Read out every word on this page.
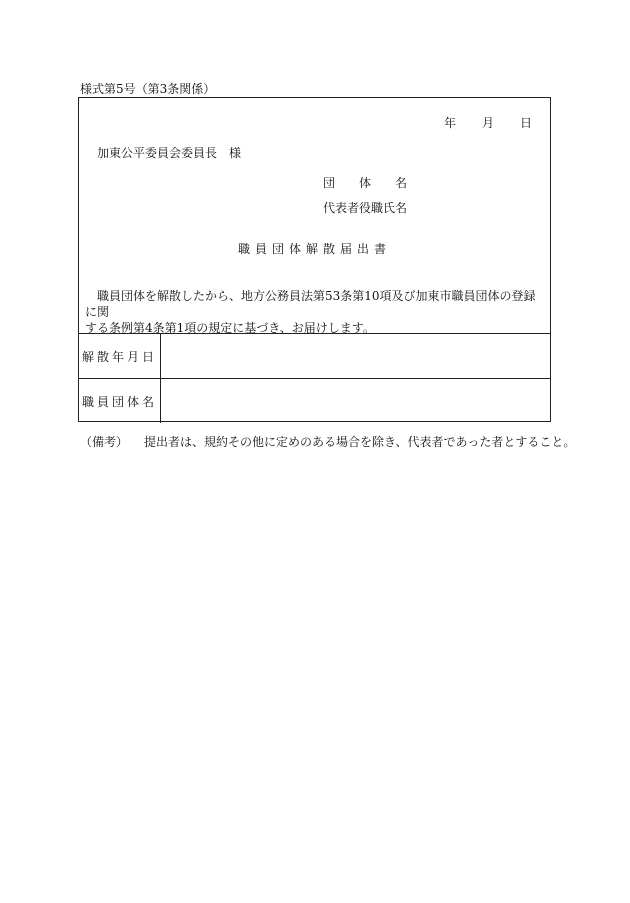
様式第5号（第3条関係）
年 月 日
加東公平委員会委員長　様
団　　体　　名
代表者役職氏名
職員団体解散届出書
職員団体を解散したから、地方公務員法第53条第10項及び加東市職員団体の登録に関
する条例第4条第1項の規定に基づき、お届けします。
解散年月日
職員団体名
（備考） 提出者は、規約その他に定めのある場合を除き、代表者であった者とすること。
